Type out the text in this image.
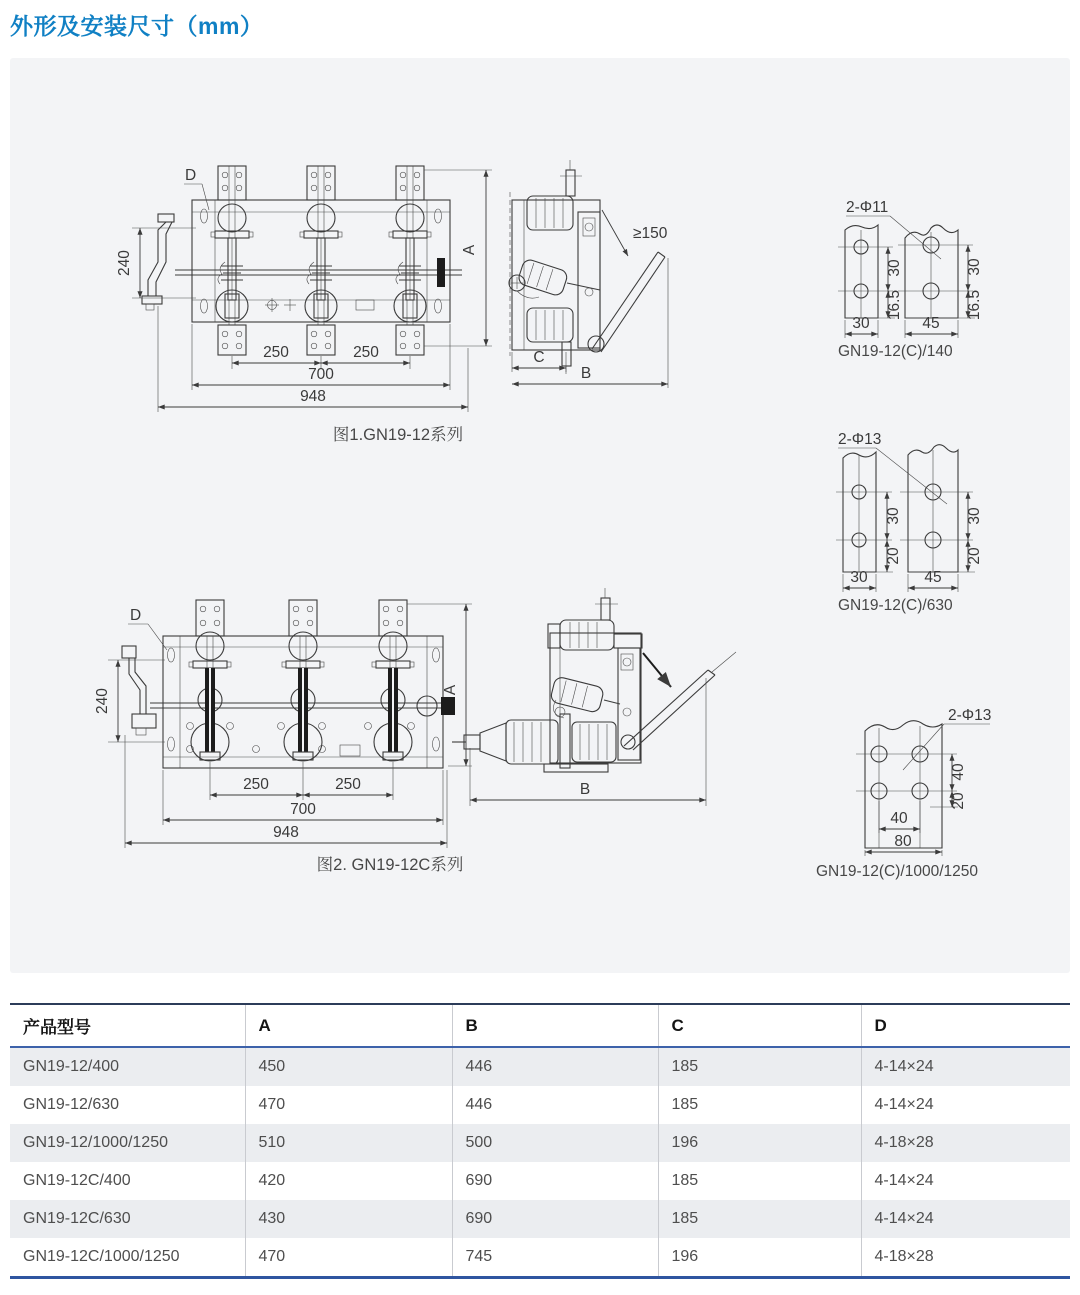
外形及安装尺寸（mm）
240
D
A
250	250
700
948
图1.GN19-12系列
≥150
C
B
30
16.5
30
30
16.5
45
2-Φ11
GN19-12(C)/140
30
20
30
30
20
45
2-Φ13
GN19-12(C)/630
40
20
40
80
2-Φ13
GN19-12(C)/1000/1250
240
D
A
250	250
700
948
图2. GN19-12C系列
B
产品型号	A	B	C	D
GN19-12/400	450	446	185	4-14×24
GN19-12/630	470	446	185	4-14×24
GN19-12/1000/1250	510	500	196	4-18×28
GN19-12C/400	420	690	185	4-14×24
GN19-12C/630	430	690	185	4-14×24
GN19-12C/1000/1250	470	745	196	4-18×28
